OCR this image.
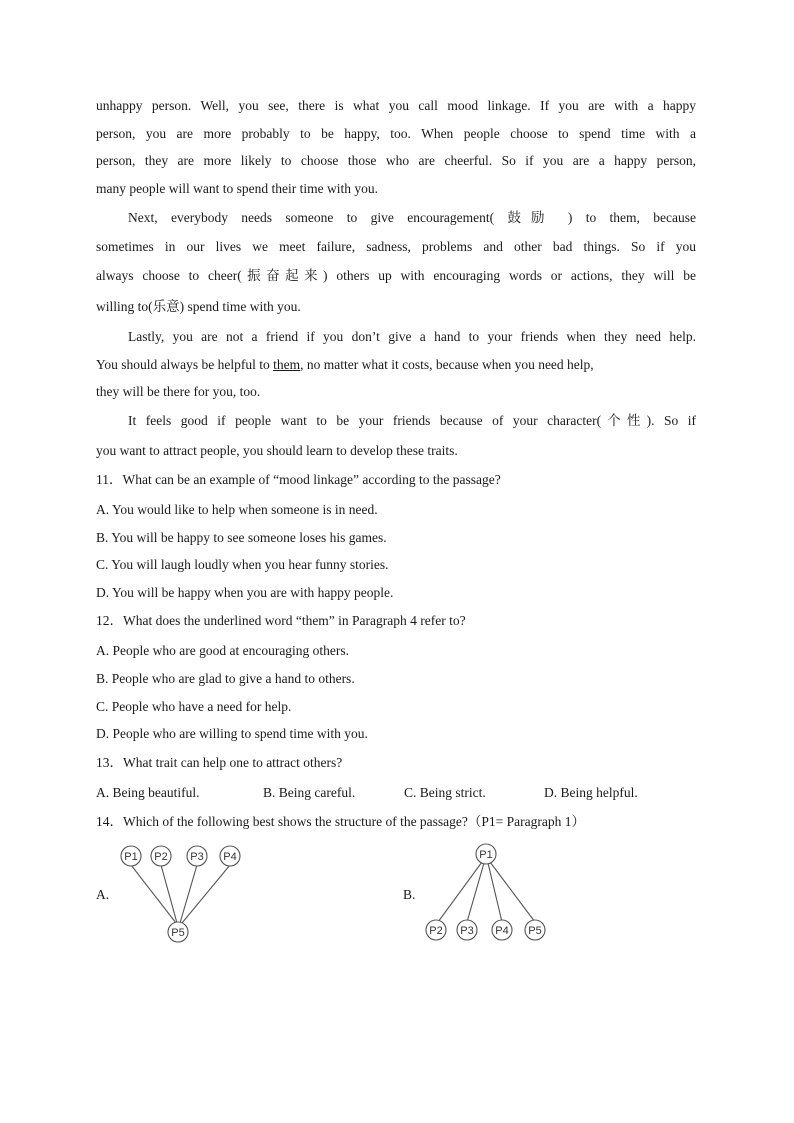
unhappy person. Well, you see, there is what you call mood linkage. If you are with a happy
person, you are more probably to be happy, too. When people choose to spend time with a
person, they are more likely to choose those who are cheerful. So if you are a happy person,
many people will want to spend their time with you.
Next, everybody needs someone to give encouragement( 鼓励 ) to them, because
sometimes in our lives we meet failure, sadness, problems and other bad things. So if you
always choose to cheer(振奋起来) others up with encouraging words or actions, they will be
willing to(乐意) spend time with you.
Lastly, you are not a friend if you don’t give a hand to your friends when they need help.
You should always be helpful to them, no matter what it costs, because when you need help,
they will be there for you, too.
It feels good if people want to be your friends because of your character(个性). So if
you want to attract people, you should learn to develop these traits.
11．What can be an example of “mood linkage” according to the passage?
A. You would like to help when someone is in need.
B. You will be happy to see someone loses his games.
C. You will laugh loudly when you hear funny stories.
D. You will be happy when you are with happy people.
12．What does the underlined word “them” in Paragraph 4 refer to?
A. People who are good at encouraging others.
B. People who are glad to give a hand to others.
C. People who have a need for help.
D. People who are willing to spend time with you.
13．What trait can help one to attract others?
A. Being beautiful.	B. Being careful.	C. Being strict.	D. Being helpful.
14．Which of the following best shows the structure of the passage?（P1= Paragraph 1）
A.	B.
P1 P2 P3 P4
P5
P1
P2 P3 P4 P5
